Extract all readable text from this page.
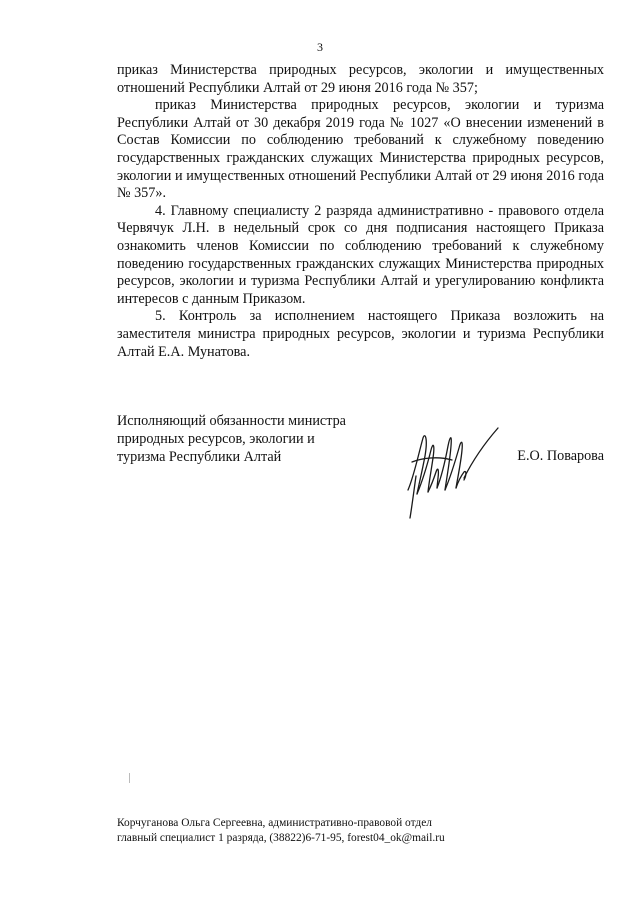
3

приказ Министерства природных ресурсов, экологии и имущественных отношений Республики Алтай от 29 июня 2016 года № 357;

приказ Министерства природных ресурсов, экологии и туризма Республики Алтай от 30 декабря 2019 года № 1027 «О внесении изменений в Состав Комиссии по соблюдению требований к служебному поведению государственных гражданских служащих Министерства природных ресурсов, экологии и имущественных отношений Республики Алтай от 29 июня 2016 года № 357».

4. Главному специалисту 2 разряда административно - правового отдела Червячук Л.Н. в недельный срок со дня подписания настоящего Приказа ознакомить членов Комиссии по соблюдению требований к служебному поведению государственных гражданских служащих Министерства природных ресурсов, экологии и туризма Республики Алтай и урегулированию конфликта интересов с данным Приказом.

5. Контроль за исполнением настоящего Приказа возложить на заместителя министра природных ресурсов, экологии и туризма Республики Алтай Е.А. Мунатова.

Исполняющий обязанности министра
природных ресурсов, экологии и
туризма Республики Алтай	Е.О. Поварова
Корчуганова Ольга Сергеевна, административно-правовой отдел
главный специалист 1 разряда, (38822)6-71-95, forest04_ok@mail.ru
